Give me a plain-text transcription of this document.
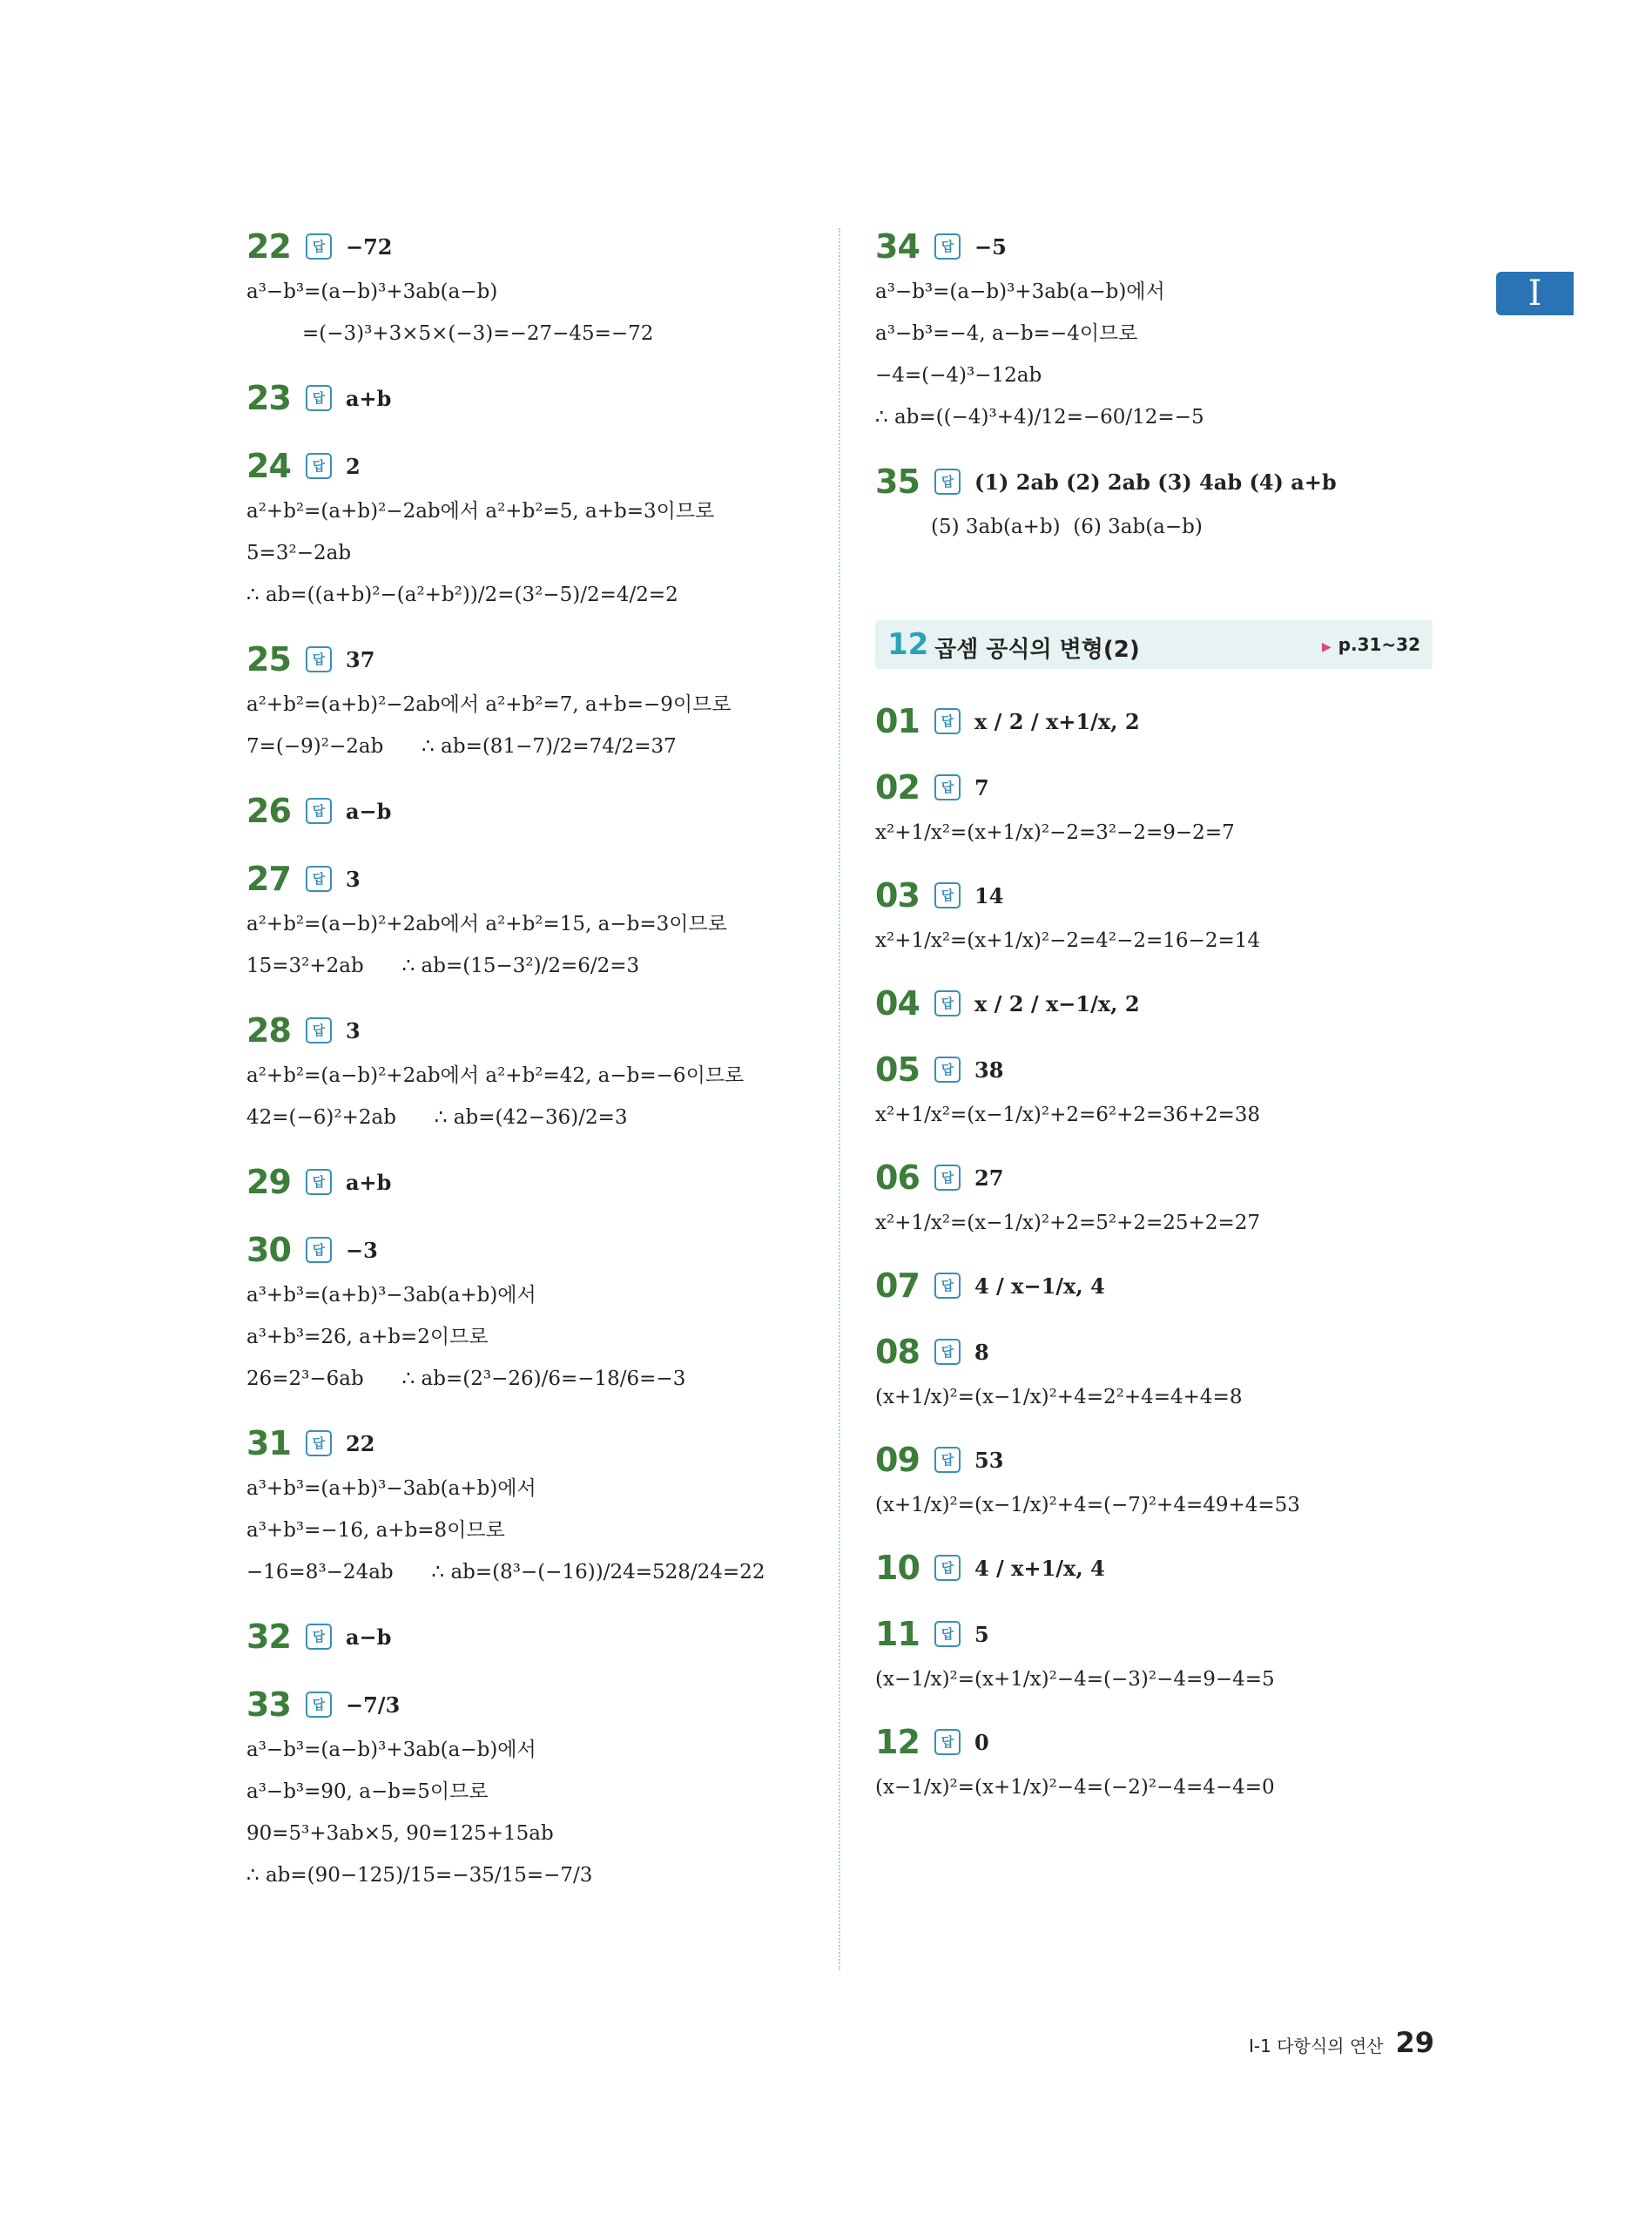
I
22	답 −72
a³−b³=(a−b)³+3ab(a−b)
=(−3)³+3×5×(−3)=−27−45=−72
23	답 a+b
24	답 2
a²+b²=(a+b)²−2ab에서 a²+b²=5, a+b=3이므로
5=3²−2ab
∴ ab=((a+b)²−(a²+b²))/2=(3²−5)/2=4/2=2
25	답 37
a²+b²=(a+b)²−2ab에서 a²+b²=7, a+b=−9이므로
7=(−9)²−2ab      ∴ ab=(81−7)/2=74/2=37
26	답 a−b
27	답 3
a²+b²=(a−b)²+2ab에서 a²+b²=15, a−b=3이므로
15=3²+2ab      ∴ ab=(15−3²)/2=6/2=3
28	답 3
a²+b²=(a−b)²+2ab에서 a²+b²=42, a−b=−6이므로
42=(−6)²+2ab      ∴ ab=(42−36)/2=3
29	답 a+b
30	답 −3
a³+b³=(a+b)³−3ab(a+b)에서
a³+b³=26, a+b=2이므로
26=2³−6ab      ∴ ab=(2³−26)/6=−18/6=−3
31	답 22
a³+b³=(a+b)³−3ab(a+b)에서
a³+b³=−16, a+b=8이므로
−16=8³−24ab      ∴ ab=(8³−(−16))/24=528/24=22
32	답 a−b
33	답 −7/3
a³−b³=(a−b)³+3ab(a−b)에서
a³−b³=90, a−b=5이므로
90=5³+3ab×5, 90=125+15ab
∴ ab=(90−125)/15=−35/15=−7/3
34	답 −5
a³−b³=(a−b)³+3ab(a−b)에서
a³−b³=−4, a−b=−4이므로
−4=(−4)³−12ab
∴ ab=((−4)³+4)/12=−60/12=−5
35	답 (1) 2ab (2) 2ab (3) 4ab (4) a+b
(5) 3ab(a+b)  (6) 3ab(a−b)
12 곱셈 공식의 변형(2)	▶ p.31~32
01	답 x / 2 / x+1/x, 2
02	답 7
x²+1/x²=(x+1/x)²−2=3²−2=9−2=7
03	답 14
x²+1/x²=(x+1/x)²−2=4²−2=16−2=14
04	답 x / 2 / x−1/x, 2
05	답 38
x²+1/x²=(x−1/x)²+2=6²+2=36+2=38
06	답 27
x²+1/x²=(x−1/x)²+2=5²+2=25+2=27
07	답 4 / x−1/x, 4
08	답 8
(x+1/x)²=(x−1/x)²+4=2²+4=4+4=8
09	답 53
(x+1/x)²=(x−1/x)²+4=(−7)²+4=49+4=53
10	답 4 / x+1/x, 4
11	답 5
(x−1/x)²=(x+1/x)²−4=(−3)²−4=9−4=5
12	답 0
(x−1/x)²=(x+1/x)²−4=(−2)²−4=4−4=0
I-1 다항식의 연산 29
